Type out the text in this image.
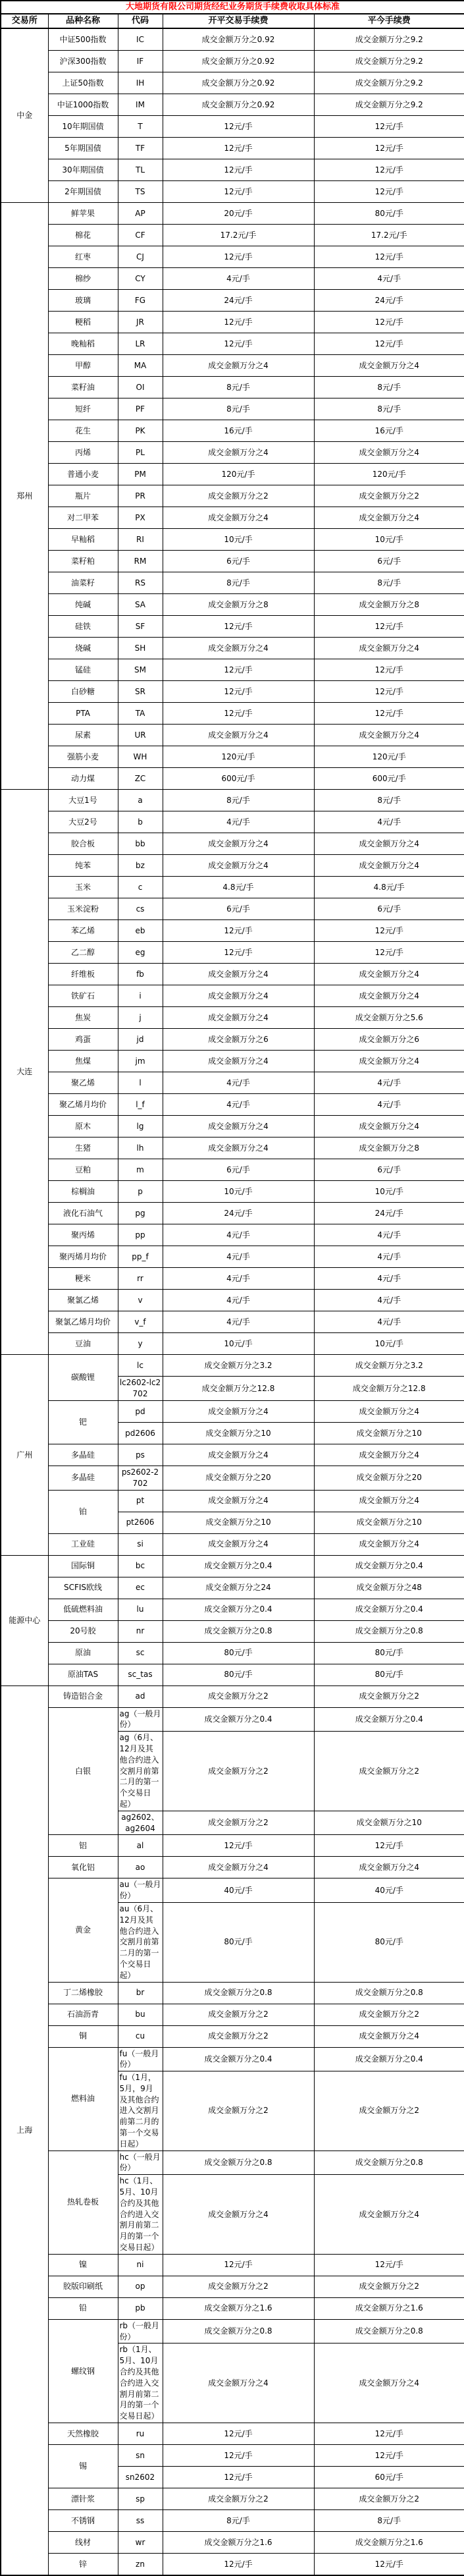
大地期货有限公司期货经纪业务期货手续费收取具体标准				
交易所	品种名称	代码	开平交易手续费	平今手续费
中金	中证500指数	IC	成交金额万分之0.92	成交金额万分之9.2
	沪深300指数	IF	成交金额万分之0.92	成交金额万分之9.2
	上证50指数	IH	成交金额万分之0.92	成交金额万分之9.2
	中证1000指数	IM	成交金额万分之0.92	成交金额万分之9.2
	10年期国债	T	12元/手	12元/手
	5年期国债	TF	12元/手	12元/手
	30年期国债	TL	12元/手	12元/手
	2年期国债	TS	12元/手	12元/手
郑州	鲜苹果	AP	20元/手	80元/手
	棉花	CF	17.2元/手	17.2元/手
	红枣	CJ	12元/手	12元/手
	棉纱	CY	4元/手	4元/手
	玻璃	FG	24元/手	24元/手
	粳稻	JR	12元/手	12元/手
	晚籼稻	LR	12元/手	12元/手
	甲醇	MA	成交金额万分之4	成交金额万分之4
	菜籽油	OI	8元/手	8元/手
	短纤	PF	8元/手	8元/手
	花生	PK	16元/手	16元/手
	丙烯	PL	成交金额万分之4	成交金额万分之4
	普通小麦	PM	120元/手	120元/手
	瓶片	PR	成交金额万分之2	成交金额万分之2
	对二甲苯	PX	成交金额万分之4	成交金额万分之4
	早籼稻	RI	10元/手	10元/手
	菜籽粕	RM	6元/手	6元/手
	油菜籽	RS	8元/手	8元/手
	纯碱	SA	成交金额万分之8	成交金额万分之8
	硅铁	SF	12元/手	12元/手
	烧碱	SH	成交金额万分之4	成交金额万分之4
	锰硅	SM	12元/手	12元/手
	白砂糖	SR	12元/手	12元/手
	PTA	TA	12元/手	12元/手
	尿素	UR	成交金额万分之4	成交金额万分之4
	强筋小麦	WH	120元/手	120元/手
	动力煤	ZC	600元/手	600元/手
大连	大豆1号	a	8元/手	8元/手
	大豆2号	b	4元/手	4元/手
	胶合板	bb	成交金额万分之4	成交金额万分之4
	纯苯	bz	成交金额万分之4	成交金额万分之4
	玉米	c	4.8元/手	4.8元/手
	玉米淀粉	cs	6元/手	6元/手
	苯乙烯	eb	12元/手	12元/手
	乙二醇	eg	12元/手	12元/手
	纤维板	fb	成交金额万分之4	成交金额万分之4
	铁矿石	i	成交金额万分之4	成交金额万分之4
	焦炭	j	成交金额万分之4	成交金额万分之5.6
	鸡蛋	jd	成交金额万分之6	成交金额万分之6
	焦煤	jm	成交金额万分之4	成交金额万分之4
	聚乙烯	l	4元/手	4元/手
	聚乙烯月均价	l_f	4元/手	4元/手
	原木	lg	成交金额万分之4	成交金额万分之4
	生猪	lh	成交金额万分之4	成交金额万分之8
	豆粕	m	6元/手	6元/手
	棕榈油	p	10元/手	10元/手
	液化石油气	pg	24元/手	24元/手
	聚丙烯	pp	4元/手	4元/手
	聚丙烯月均价	pp_f	4元/手	4元/手
	粳米	rr	4元/手	4元/手
	聚氯乙烯	v	4元/手	4元/手
	聚氯乙烯月均价	v_f	4元/手	4元/手
	豆油	y	10元/手	10元/手
广州	碳酸锂	lc	成交金额万分之3.2	成交金额万分之3.2
		lc2602-lc2702	成交金额万分之12.8	成交金额万分之12.8
	钯	pd	成交金额万分之4	成交金额万分之4
		pd2606	成交金额万分之10	成交金额万分之10
	多晶硅	ps	成交金额万分之4	成交金额万分之4
	多晶硅	ps2602-2702	成交金额万分之20	成交金额万分之20
	铂	pt	成交金额万分之4	成交金额万分之4
		pt2606	成交金额万分之10	成交金额万分之10
	工业硅	si	成交金额万分之4	成交金额万分之4
能源中心	国际铜	bc	成交金额万分之0.4	成交金额万分之0.4
	SCFIS欧线	ec	成交金额万分之24	成交金额万分之48
	低硫燃料油	lu	成交金额万分之0.4	成交金额万分之0.4
	20号胶	nr	成交金额万分之0.8	成交金额万分之0.8
	原油	sc	80元/手	80元/手
	原油TAS	sc_tas	80元/手	80元/手
上海	铸造铝合金	ad	成交金额万分之2	成交金额万分之2
	白银	ag（一般月份）	成交金额万分之0.4	成交金额万分之0.4
		ag（6月、12月及其他合约进入交割月前第二月的第一个交易日起）	成交金额万分之2	成交金额万分之2
		ag2602、ag2604	成交金额万分之2	成交金额万分之10
	铝	al	12元/手	12元/手
	氧化铝	ao	成交金额万分之4	成交金额万分之4
	黄金	au（一般月份）	40元/手	40元/手
		au（6月、12月及其他合约进入交割月前第二月的第一个交易日起）	80元/手	80元/手
	丁二烯橡胶	br	成交金额万分之0.8	成交金额万分之0.8
	石油沥青	bu	成交金额万分之2	成交金额万分之2
	铜	cu	成交金额万分之2	成交金额万分之4
	燃料油	fu（一般月份）	成交金额万分之0.4	成交金额万分之0.4
		fu（1月，5月，9月及其他合约进入交割月前第二月的第一个交易日起）	成交金额万分之2	成交金额万分之2
	热轧卷板	hc（一般月份）	成交金额万分之0.8	成交金额万分之0.8
		hc（1月、5月、10月合约及其他合约进入交割月前第二月的第一个交易日起）	成交金额万分之4	成交金额万分之4
	镍	ni	12元/手	12元/手
	胶版印刷纸	op	成交金额万分之2	成交金额万分之2
	铅	pb	成交金额万分之1.6	成交金额万分之1.6
	螺纹钢	rb（一般月份）	成交金额万分之0.8	成交金额万分之0.8
		rb（1月、5月、10月合约及其他合约进入交割月前第二月的第一个交易日起）	成交金额万分之4	成交金额万分之4
	天然橡胶	ru	12元/手	12元/手
	锡	sn	12元/手	12元/手
		sn2602	12元/手	60元/手
	漂针浆	sp	成交金额万分之2	成交金额万分之2
	不锈钢	ss	8元/手	8元/手
	线材	wr	成交金额万分之1.6	成交金额万分之1.6
	锌	zn	12元/手	12元/手
